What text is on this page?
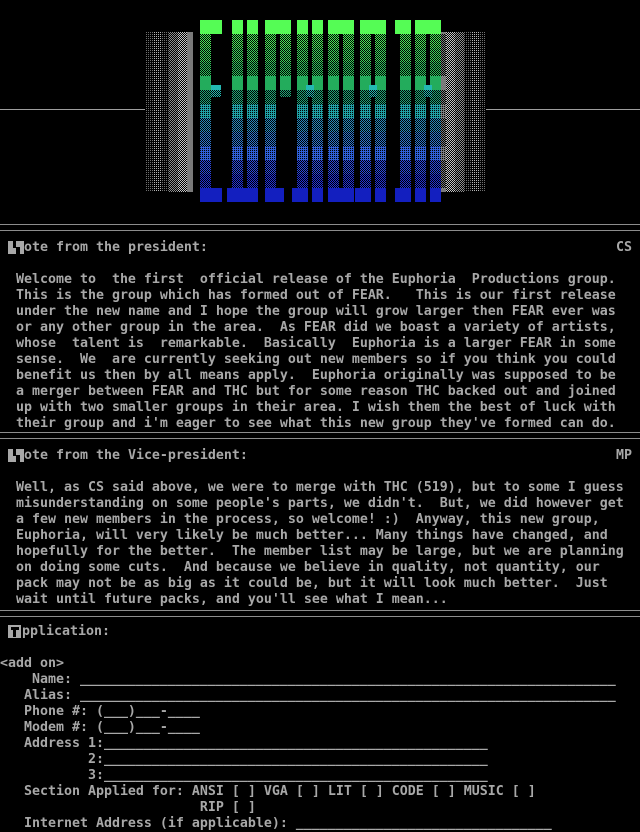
ote from the president:	CS
Welcome to  the first  official release of the Euphoria  Productions group.
This is the group which has formed out of FEAR.   This is our first release
under the new name and I hope the group will grow larger then FEAR ever was
or any other group in the area.  As FEAR did we boast a variety of artists,
whose  talent is  remarkable.  Basically  Euphoria is a larger FEAR in some
sense.  We  are currently seeking out new members so if you think you could
benefit us then by all means apply.  Euphoria originally was supposed to be
a merger between FEAR and THC but for some reason THC backed out and joined
up with two smaller groups in their area. I wish them the best of luck with
their group and i'm eager to see what this new group they've formed can do.
ote from the Vice-president:	MP
Well, as CS said above, we were to merge with THC (519), but to some I guess
misunderstanding on some people's parts, we didn't.  But, we did however get
a few new members in the process, so welcome! :)  Anyway, this new group,
Euphoria, will very likely be much better... Many things have changed, and
hopefully for the better.  The member list may be large, but we are planning
on doing some cuts.  And because we believe in quality, not quantity, our
pack may not be as big as it could be, but it will look much better.  Just
wait until future packs, and you'll see what I mean...
pplication:
<add on>
Name: ___________________________________________________________________
Alias: ___________________________________________________________________
Phone #: (___)___-____
Modem #: (___)___-____
Address 1:________________________________________________
2:________________________________________________
3:________________________________________________
Section Applied for: ANSI [ ] VGA [ ] LIT [ ] CODE [ ] MUSIC [ ]
RIP [ ]
Internet Address (if applicable): ________________________________
